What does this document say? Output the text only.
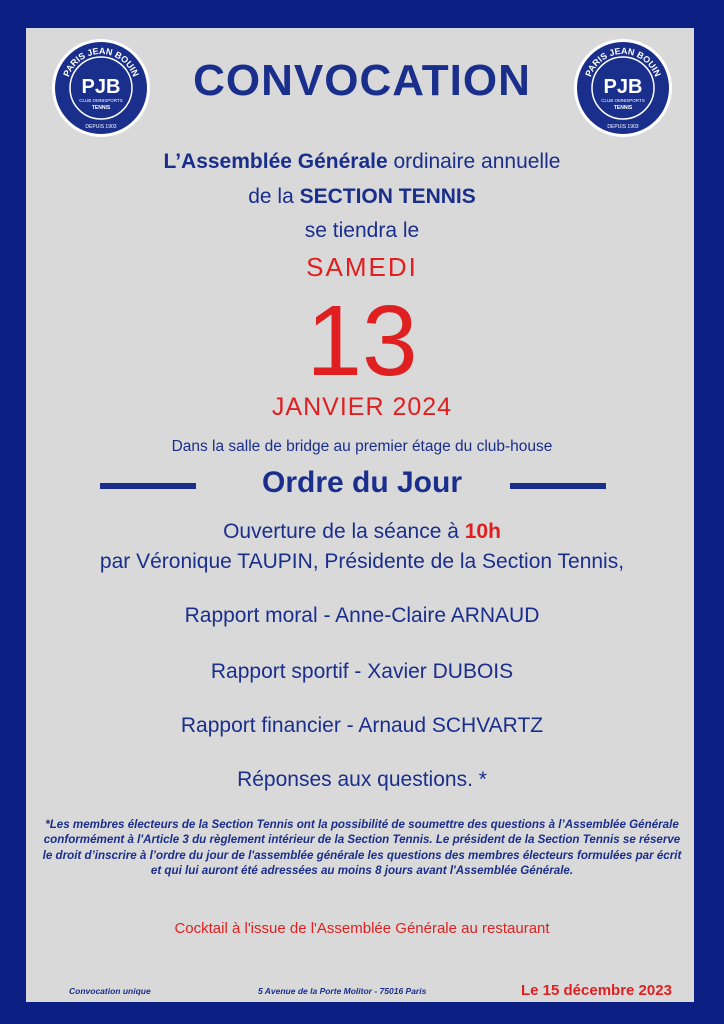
PARIS JEAN BOUIN
PJB
CLUB OMNISPORTS
TENNIS
DEPUIS 1903
PARIS JEAN BOUIN
PJB
CLUB OMNISPORTS
TENNIS
DEPUIS 1903
CONVOCATION
L’Assemblée Générale ordinaire annuelle
de la SECTION TENNIS
se tiendra le
SAMEDI
13
JANVIER 2024
Dans la salle de bridge au premier étage du club-house
Ordre du Jour
Ouverture de la séance à 10h
par Véronique TAUPIN, Présidente de la Section Tennis,
Rapport moral - Anne-Claire ARNAUD
Rapport sportif - Xavier DUBOIS
Rapport financier - Arnaud SCHVARTZ
Réponses aux questions. *
*Les membres électeurs de la Section Tennis ont la possibilité de soumettre des questions à l’Assemblée Générale conformément à l'Article 3 du règlement intérieur de la Section Tennis. Le président de la Section Tennis se réserve le droit d’inscrire à l’ordre du jour de l'assemblée générale les questions des membres électeurs formulées par écrit et qui lui auront été adressées au moins 8 jours avant l'Assemblée Générale.
Cocktail à l'issue de l'Assemblée Générale au restaurant
Convocation unique	5 Avenue de la Porte Molitor - 75016 Paris	Le 15 décembre 2023
